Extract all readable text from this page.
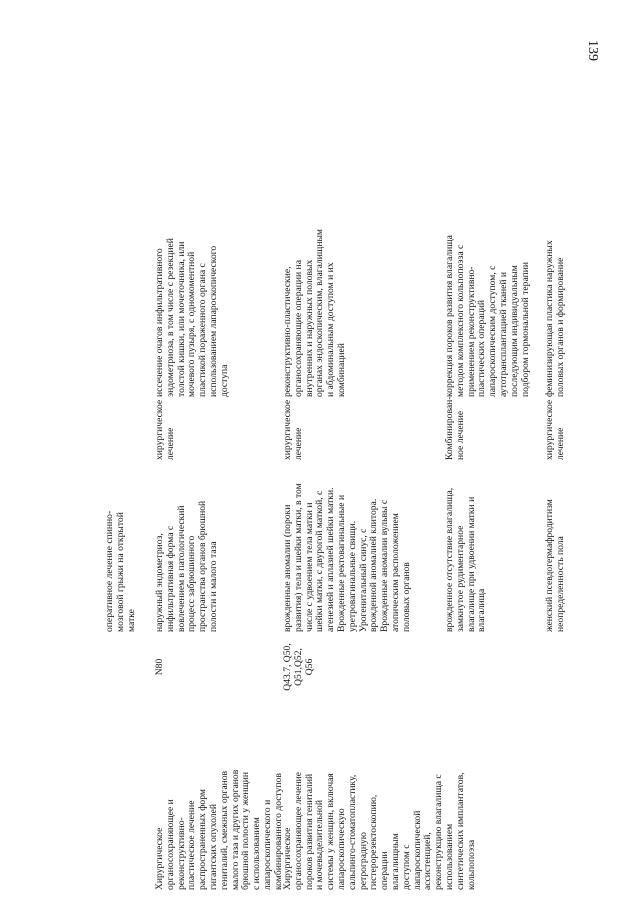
139
оперативное лечение спинно-
мозговой грыжи на открытой
матке
Хирургическое
органосохраняющее и
реконструктивно-
пластическое лечение
распространенных форм
гигантских опухолей
гениталий, смежных органов
малого таза и других органов
брюшной полости у женщин
с использованием
лапароскопического и
комбинированного доступов
N80
наружный эндометриоз,
инфильтративная форма с
вовлечением в патологический
процесс забрюшинного
пространства органов брюшной
полости и малого таза
хирургическое
лечение
иссечение очагов инфильтративного
эндометриоза, в том числе с резекцией
толстой кишки, или мочеточника, или
мочевого пузыря, с одномоментной
пластикой пораженного органа с
использованием лапароскопического
доступа
Хирургическое
органосохраняющее лечение
пороков развития гениталий
и мочевыделительной
системы у женщин, включая
лапароскопическую
сальпинго-стоматопластику,
ретроградную
гистерорезектоскопию,
операции
влагалищным
доступом с
лапароскопической
ассистенцией,
реконструкцию влагалища с
использованием
синтетических имплантатов,
кольпопоэза
Q43.7, Q50, Q51,Q52,
Q56
врожденные аномалии (пороки
развития) тела и шейки матки, в том
числе с удвоением тела матки и
шейки матки, с двурогой маткой, с
агенезией и аплазией шейки матки.
Врожденные ректовагинальные и
уретровагинальные свищи.
Урогенитальный синус, с
врожденной аномалией клитора.
Врожденные аномалии вульвы с
атопическим расположением
половых органов
хирургическое
лечение
реконструктивно-пластические,
органосохраняющие операции на
внутренних и наружных половых
органах эндоскопическим, влагалищным
и абдоминальным доступом и их
комбинацией
врожденное отсутствие влагалища,
замкнутое рудиментарное
влагалище при удвоении матки и
влагалища
Комбинирован-
ное лечение
коррекция пороков развития влагалища
методом комплексного кольпопоэза с
применением реконструктивно-
пластических операций
лапароскопическим доступом, с
аутотрансплантацией тканей и
последующим индивидуальным
подбором гормональной терапии
женский псевдогермафродитизм
неопределенность пола
хирургическое
лечение
феминизирующая пластика наружных
половых органов и формирование
